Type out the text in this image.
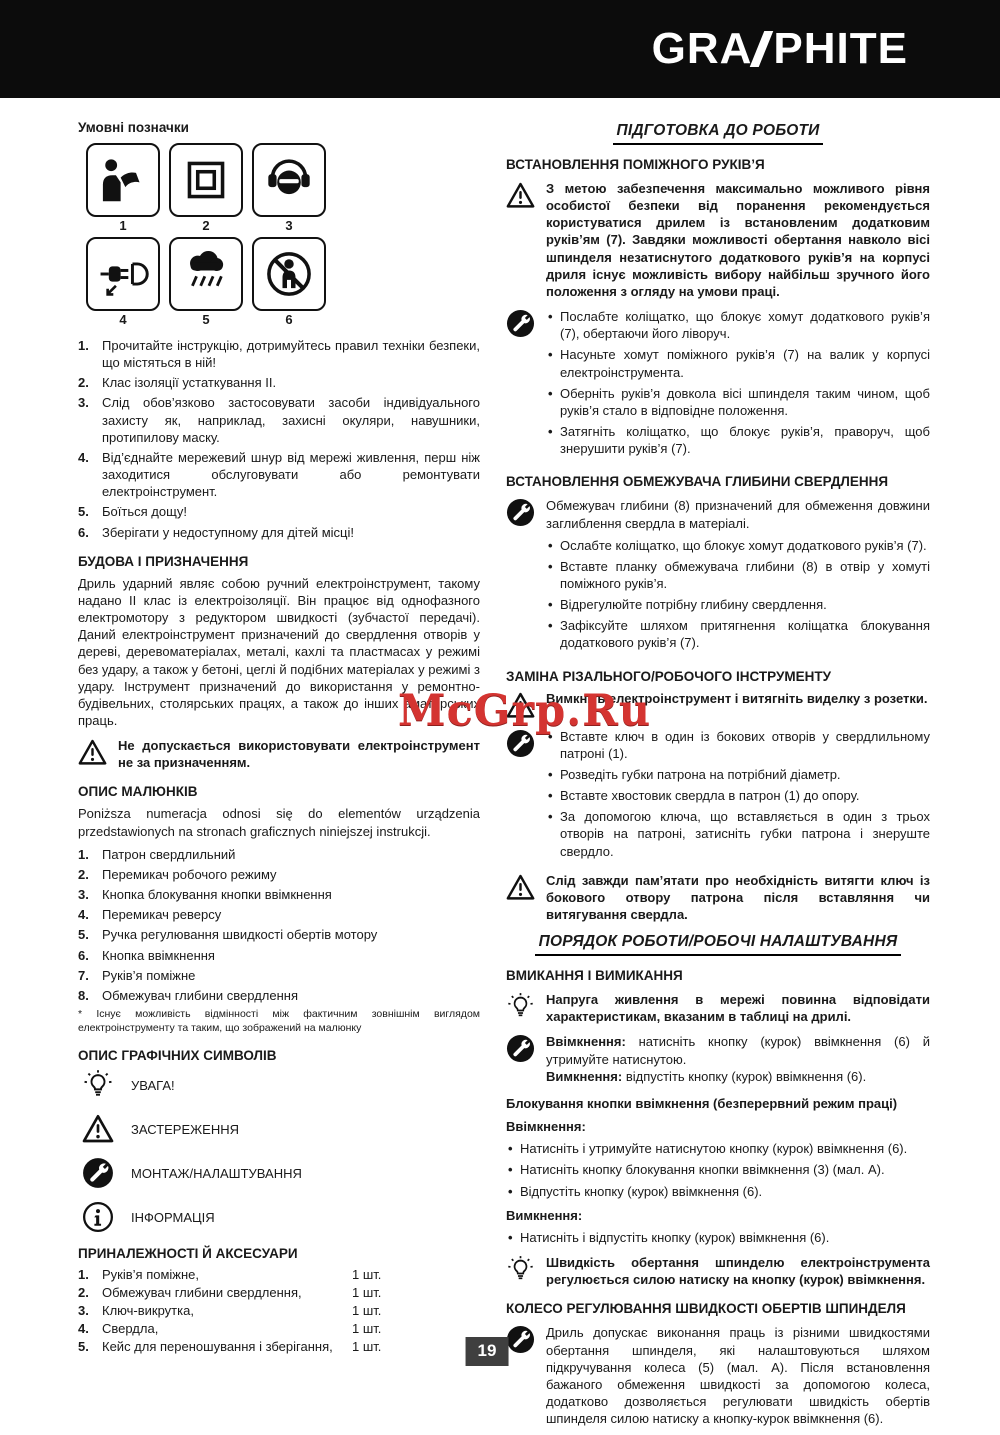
GRA PHITE
Умовні позначки
1	2	3
4	5	6
1.	Прочитайте інструкцію, дотримуйтесь правил техніки безпеки, що містяться в ній!
2.	Клас ізоляції устаткування II.
3.	Слід обов’язково застосовувати засоби індивідуального захисту як, наприклад, захисні окуляри, навушники, протипилову маску.
4.	Від’єднайте мережевий шнур від мережі живлення, перш ніж заходитися обслуговувати або ремонтувати електроінструмент.
5.	Боїться дощу!
6.	Зберігати у недоступному для дітей місці!
БУДОВА І ПРИЗНАЧЕННЯ

Дриль ударний являє собою ручний електроінструмент, такому надано II клас із електроізоляції. Він працює від однофазного електромотору з редуктором швидкості (зубчастої передачі). Даний електроінструмент призначений до свердлення отворів у дереві, деревоматеріалах, металі, кахлі та пластмасах у режимі без удару, а також у бетоні, цеглі й подібних матеріалах у режимі з удару. Інструмент призначений до використання у ремонтно-будівельних, столярських працях, а також до інших аматорських праць.

Не допускається використовувати електроінструмент не за призначенням.
ОПИС МАЛЮНКІВ

Poniższa numeracja odnosi się do elementów urządzenia przedstawionych na stronach graficznych niniejszej instrukcji.

1.	Патрон свердлильний
2.	Перемикач робочого режиму
3.	Кнопка блокування кнопки ввімкнення
4.	Перемикач реверсу
5.	Ручка регулювання швидкості обертів мотору
6.	Кнопка ввімкнення
7.	Руків’я поміжне
8.	Обмежувач глибини свердлення

* Існує можливість відмінності між фактичним зовнішнім виглядом електроінструменту та таким, що зображений на малюнку

ОПИС ГРАФІЧНИХ СИМВОЛІВ
УВАГА!
ЗАСТЕРЕЖЕННЯ
МОНТАЖ/НАЛАШТУВАННЯ
ІНФОРМАЦІЯ
ПРИНАЛЕЖНОСТІ Й АКСЕСУАРИ
1.	Руків’я поміжне,	1 шт.
2.	Обмежувач глибини свердлення,	1 шт.
3.	Ключ-викрутка,	1 шт.
4.	Свердла,	1 шт.
5.	Кейс для переношування і зберігання,	1 шт.
ПІДГОТОВКА ДО РОБОТИ
ВСТАНОВЛЕННЯ ПОМІЖНОГО РУКІВ’Я
З метою забезпечення максимально можливого рівня особистої безпеки від поранення рекомендується користуватися дрилем із встановленим додатковим руків’ям (7). Завдяки можливості обертання навколо вісі шпинделя незатиснутого додаткового руків’я на корпусі дриля існує можливість вибору найбільш зручного його положення з огляду на умови праці.
• Послабте коліщатко, що блокує хомут додаткового руків’я (7), обертаючи його ліворуч.
• Насуньте хомут поміжного руків’я (7) на валик у корпусі електроінструмента.
• Оберніть руків’я довкола вісі шпинделя таким чином, щоб руків’я стало в відповідне положення.
• Затягніть коліщатко, що блокує руків’я, праворуч, щоб знерушити руків’я (7).
ВСТАНОВЛЕННЯ ОБМЕЖУВАЧА ГЛИБИНИ СВЕРДЛЕННЯ

Обмежувач глибини (8) призначений для обмеження довжини заглиблення свердла в матеріалі.

• Ослабте коліщатко, що блокує хомут додаткового руків’я (7).
• Вставте планку обмежувача глибини (8) в отвір у хомуті поміжного руків’я.
• Відрегулюйте потрібну глибину свердлення.
• Зафіксуйте шляхом притягнення коліщатка блокування додаткового руків’я (7).
ЗАМІНА РІЗАЛЬНОГО/РОБОЧОГО ІНСТРУМЕНТУ
Вимкніть електроінструмент і витягніть виделку з розетки.
• Вставте ключ в один із бокових отворів у свердлильному патроні (1).
• Розведіть губки патрона на потрібний діаметр.
• Вставте хвостовик свердла в патрон (1) до опору.
• За допомогою ключа, що вставляється в один з трьох отворів на патроні, затисніть губки патрона і знеруште свердло.
Слід завжди пам’ятати про необхідність витягти ключ із бокового отвору патрона після вставляння чи витягування свердла.
ПОРЯДОК РОБОТИ/РОБОЧІ НАЛАШТУВАННЯ
ВМИКАННЯ І ВИМИКАННЯ
Напруга живлення в мережі повинна відповідати характеристикам, вказаним в таблиці на дрилі.

Ввімкнення: натисніть кнопку (курок) ввімкнення (6) й утримуйте натиснутою.

Вимкнення: відпустіть кнопку (курок) ввімкнення (6).

Блокування кнопки ввімкнення (безперервний режим праці)

Ввімкнення:

• Натисніть і утримуйте натиснутою кнопку (курок) ввімкнення (6).
• Натисніть кнопку блокування кнопки ввімкнення (3) (мал. A).
• Відпустіть кнопку (курок) ввімкнення (6).

Вимкнення:

• Натисніть і відпустіть кнопку (курок) ввімкнення (6).
Швидкість обертання шпинделю електроінструмента регулюється силою натиску на кнопку (курок) ввімкнення.
КОЛЕСО РЕГУЛЮВАННЯ ШВИДКОСТІ ОБЕРТІВ ШПИНДЕЛЯ

Дриль допускає виконання праць із різними швидкостями обертання шпинделя, які налаштовуються шляхом підкручування колеса (5) (мал. A). Після встановлення бажаного обмеження швидкості за допомогою колеса, додатково дозволяється регулювати швидкість обертів шпинделя силою натиску а кнопку-курок ввімкнення (6).

McGrp.Ru
19
